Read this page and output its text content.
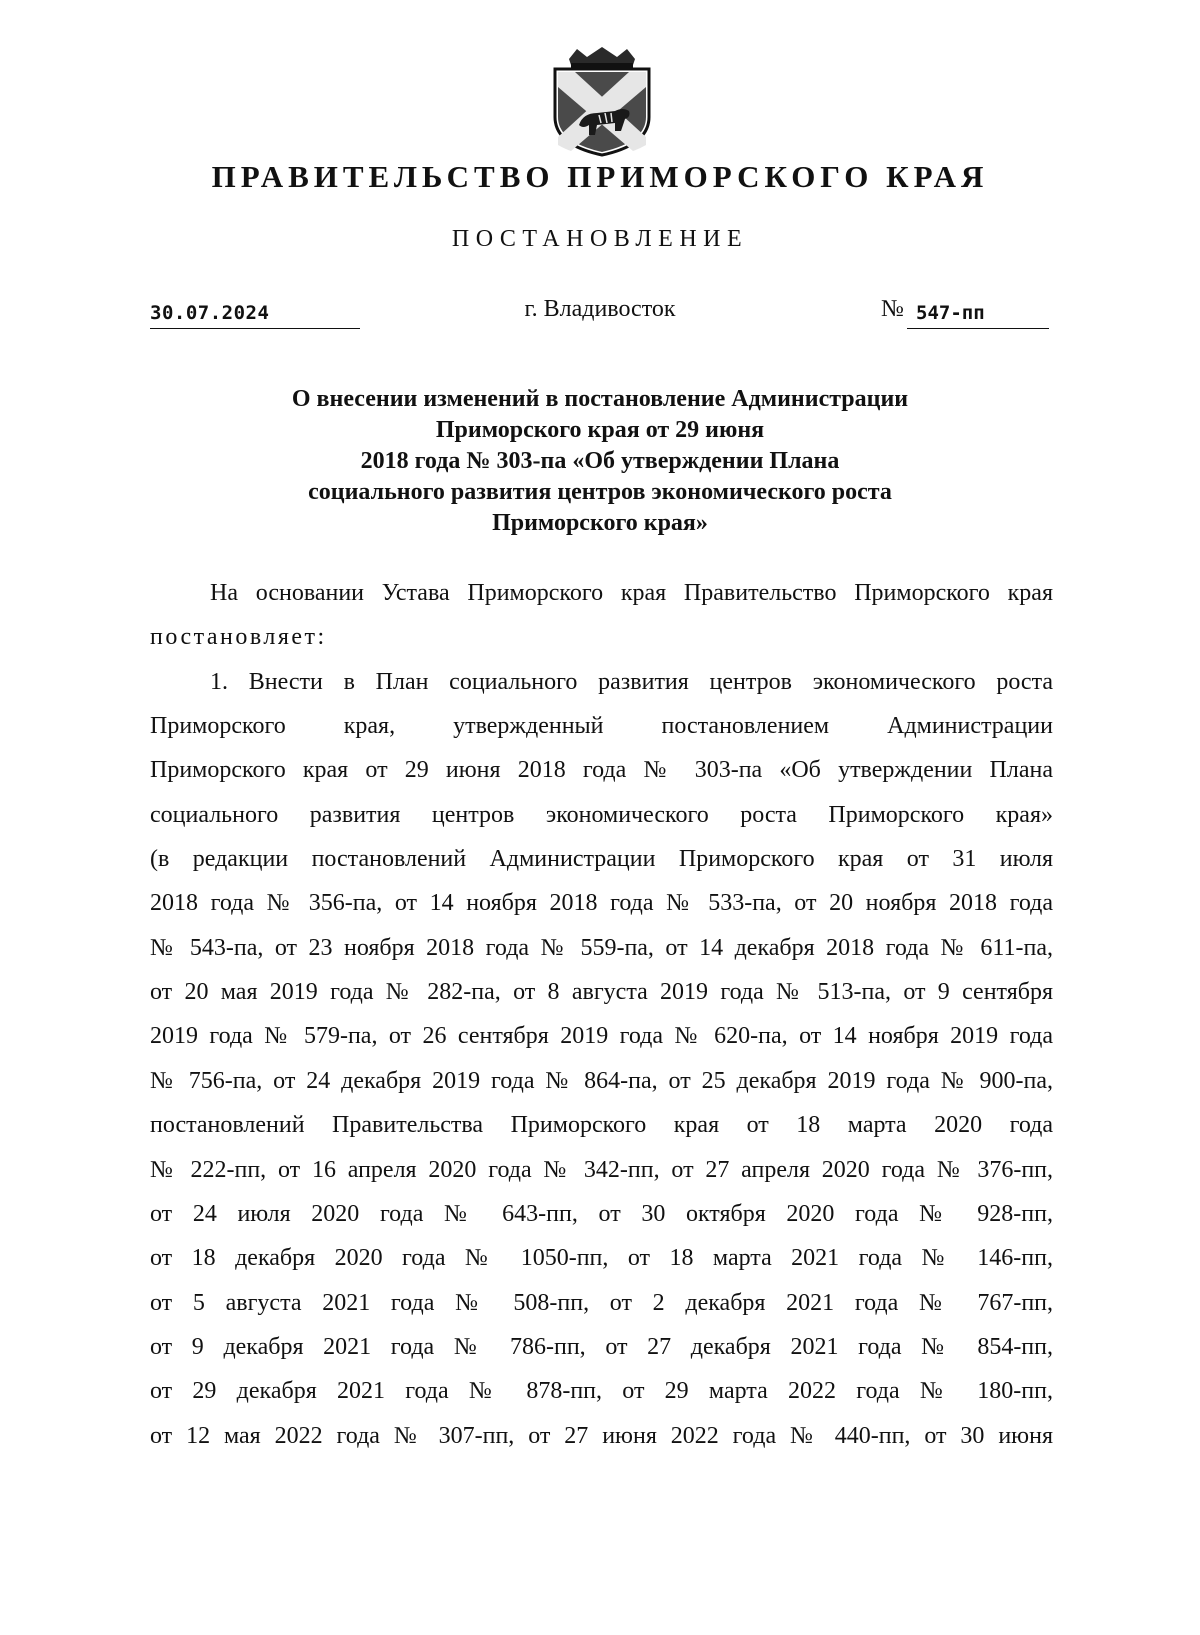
ПРАВИТЕЛЬСТВО ПРИМОРСКОГО КРАЯ
ПОСТАНОВЛЕНИЕ
30.07.2024	г. Владивосток	№ 547-пп
О внесении изменений в постановление Администрации
Приморского края от 29 июня
2018 года № 303-па «Об утверждении Плана
социального развития центров экономического роста
Приморского края»
На основании Устава Приморского края Правительство Приморского края
постановляет:
1. Внести в План социального развития центров экономического роста
Приморского края, утвержденный постановлением Администрации
Приморского края от 29 июня 2018 года № 303-па «Об утверждении Плана
социального развития центров экономического роста Приморского края»
(в редакции постановлений Администрации Приморского края от 31 июля
2018 года № 356-па, от 14 ноября 2018 года № 533-па, от 20 ноября 2018 года
№ 543-па, от 23 ноября 2018 года № 559-па, от 14 декабря 2018 года № 611-па,
от 20 мая 2019 года № 282-па, от 8 августа 2019 года № 513-па, от 9 сентября
2019 года № 579-па, от 26 сентября 2019 года № 620-па, от 14 ноября 2019 года
№ 756-па, от 24 декабря 2019 года № 864-па, от 25 декабря 2019 года № 900-па,
постановлений Правительства Приморского края от 18 марта 2020 года
№ 222-пп, от 16 апреля 2020 года № 342-пп, от 27 апреля 2020 года № 376-пп,
от 24 июля 2020 года № 643-пп, от 30 октября 2020 года № 928-пп,
от 18 декабря 2020 года № 1050-пп, от 18 марта 2021 года № 146-пп,
от 5 августа 2021 года № 508-пп, от 2 декабря 2021 года № 767-пп,
от 9 декабря 2021 года № 786-пп, от 27 декабря 2021 года № 854-пп,
от 29 декабря 2021 года № 878-пп, от 29 марта 2022 года № 180-пп,
от 12 мая 2022 года № 307-пп, от 27 июня 2022 года № 440-пп, от 30 июня
